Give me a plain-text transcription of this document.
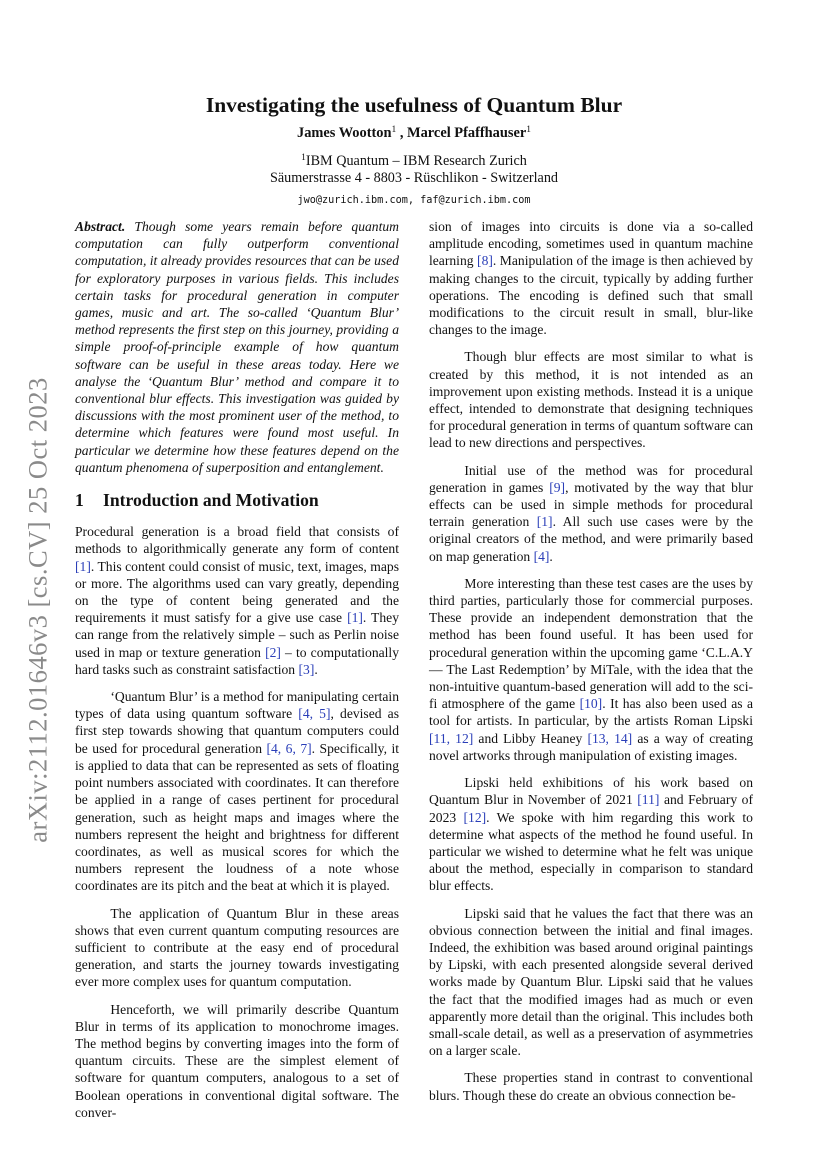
arXiv:2112.01646v3 [cs.CV] 25 Oct 2023
Investigating the usefulness of Quantum Blur
James Wootton$^1$ , Marcel Pfaffhauser$^1$
$^1$IBM Quantum – IBM Research Zurich
Säumerstrasse 4 - 8803 - Rüschlikon - Switzerland
jwo@zurich.ibm.com, faf@zurich.ibm.com

Abstract. Though some years remain before quantum computation can fully outperform conventional computation, it already provides resources that can be used for exploratory purposes in various fields. This includes certain tasks for procedural generation in computer games, music and art. The so-called ‘Quantum Blur’ method represents the first step on this journey, providing a simple proof-of-principle example of how quantum software can be useful in these areas today. Here we analyse the ‘Quantum Blur’ method and compare it to conventional blur effects. This investigation was guided by discussions with the most prominent user of the method, to determine which features were found most useful. In particular we determine how these features depend on the quantum phenomena of superposition and entanglement.

1 Introduction and Motivation

Procedural generation is a broad field that consists of methods to algorithmically generate any form of content [1]. This content could consist of music, text, images, maps or more. The algorithms used can vary greatly, depending on the type of content being generated and the requirements it must satisfy for a give use case [1]. They can range from the relatively simple – such as Perlin noise used in map or texture generation [2] – to computationally hard tasks such as constraint satisfaction [3].

‘Quantum Blur’ is a method for manipulating certain types of data using quantum software [4, 5], devised as first step towards showing that quantum computers could be used for procedural generation [4, 6, 7]. Specifically, it is applied to data that can be represented as sets of floating point numbers associated with coordinates. It can therefore be applied in a range of cases pertinent for procedural generation, such as height maps and images where the numbers represent the height and brightness for different coordinates, as well as musical scores for which the numbers represent the loudness of a note whose coordinates are its pitch and the beat at which it is played.

The application of Quantum Blur in these areas shows that even current quantum computing resources are sufficient to contribute at the easy end of procedural generation, and starts the journey towards investigating ever more complex uses for quantum computation.

Henceforth, we will primarily describe Quantum Blur in terms of its application to monochrome images. The method begins by converting images into the form of quantum circuits. These are the simplest element of software for quantum computers, analogous to a set of Boolean operations in conventional digital software. The conver-

sion of images into circuits is done via a so-called amplitude encoding, sometimes used in quantum machine learning [8]. Manipulation of the image is then achieved by making changes to the circuit, typically by adding further operations. The encoding is defined such that small modifications to the circuit result in small, blur-like changes to the image.

Though blur effects are most similar to what is created by this method, it is not intended as an improvement upon existing methods. Instead it is a unique effect, intended to demonstrate that designing techniques for procedural generation in terms of quantum software can lead to new directions and perspectives.

Initial use of the method was for procedural generation in games [9], motivated by the way that blur effects can be used in simple methods for procedural terrain generation [1]. All such use cases were by the original creators of the method, and were primarily based on map generation [4].

More interesting than these test cases are the uses by third parties, particularly those for commercial purposes. These provide an independent demonstration that the method has been found useful. It has been used for procedural generation within the upcoming game ‘C.L.A.Y — The Last Redemption’ by MiTale, with the idea that the non-intuitive quantum-based generation will add to the sci-fi atmosphere of the game [10]. It has also been used as a tool for artists. In particular, by the artists Roman Lipski [11, 12] and Libby Heaney [13, 14] as a way of creating novel artworks through manipulation of existing images.

Lipski held exhibitions of his work based on Quantum Blur in November of 2021 [11] and February of 2023 [12]. We spoke with him regarding this work to determine what aspects of the method he found useful. In particular we wished to determine what he felt was unique about the method, especially in comparison to standard blur effects.

Lipski said that he values the fact that there was an obvious connection between the initial and final images. Indeed, the exhibition was based around original paintings by Lipski, with each presented alongside several derived works made by Quantum Blur. Lipski said that he values the fact that the modified images had as much or even apparently more detail than the original. This includes both small-scale detail, as well as a preservation of asymmetries on a larger scale.

These properties stand in contrast to conventional blurs. Though these do create an obvious connection be-
